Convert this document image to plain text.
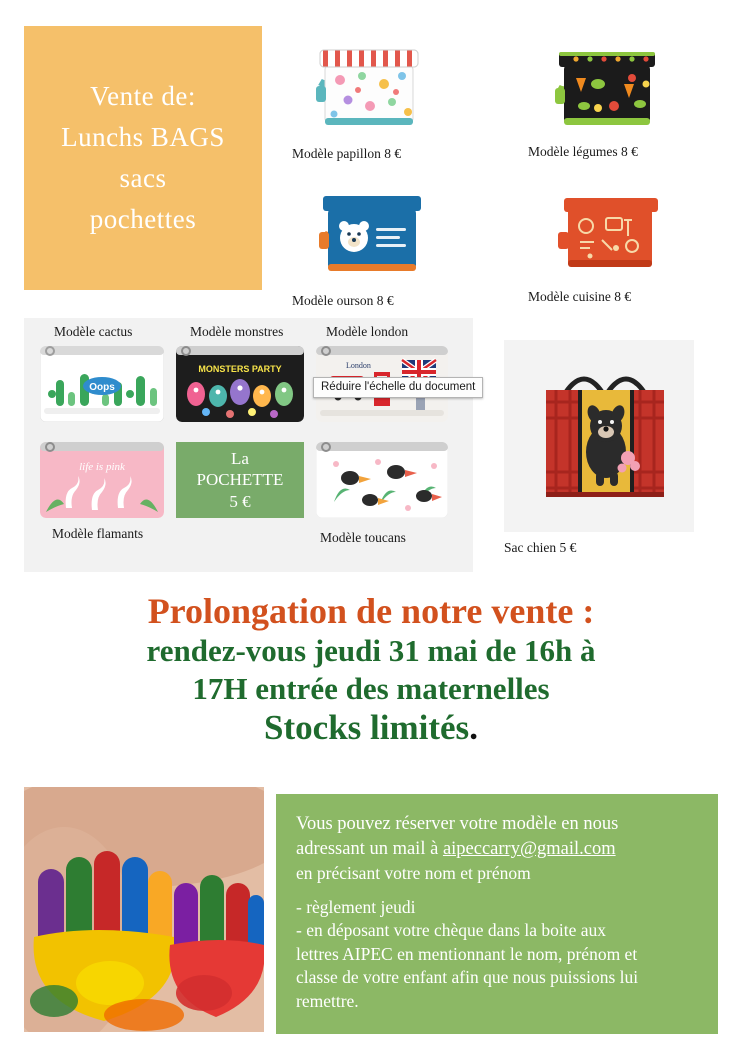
Vente de:
Lunchs BAGS
sacs
pochettes
Modèle papillon 8 €	Modèle légumes 8 €
Modèle ourson 8 €	Modèle cuisine 8 €
Modèle cactus	Modèle monstres	Modèle london
Oops
MONSTERS PARTY	London
life is pink	La
POCHETTE
5 €
Modèle flamants	Modèle toucans
Sac chien 5 €
Réduire l'échelle du document
Prolongation de notre vente :
rendez-vous jeudi 31 mai de 16h à
17H entrée des maternelles
Stocks limités.
Vous pouvez réserver votre modèle en nous
adressant un mail à aipeccarry@gmail.com
en précisant votre nom et prénom
- règlement jeudi
- en déposant votre chèque dans la boite aux
lettres AIPEC en mentionnant le nom, prénom et
classe de votre enfant afin que nous puissions lui
remettre.
